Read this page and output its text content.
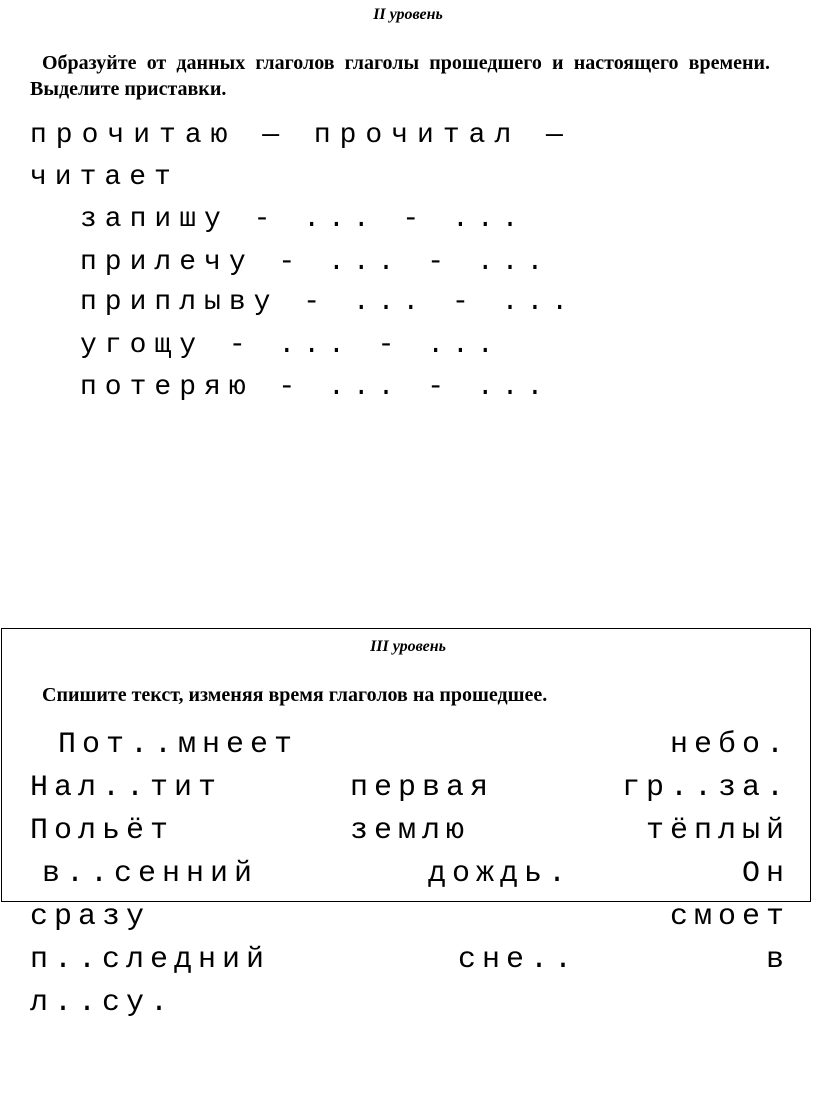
II уровень

Образуйте от данных глаголов глаголы прошедшего и настоящего времени. Выделите приставки.

прочитаю — прочитал —

читает

запишу - ... - ...

прилечу - ... - ...

приплыву - ... - ...

угощу - ... - ...

потеряю - ... - ...

III уровень

Спишите текст, изменяя время глаголов на прошедшее.

Пот..мнеет	небо.
Нал..тит	первая	гр..за.
Польёт	землю	тёплый
в..сенний	дождь.	Он
сразу	смоет
п..следний	сне..	в
л..су.
